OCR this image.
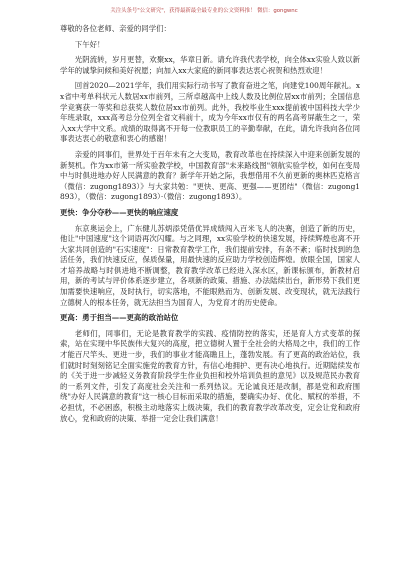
关注头条号"公文研究"，获得最新最全最专业的公文资料推！ 微信：gongwnc

尊敬的各位老师、亲爱的同学们：

下午好！

光阴流转，岁月更替，欢聚xx，华章日新。请允许我代表学校，向全体xx实验人致以新学年的诚挚问候和美好祝愿；向加入xx大家庭的新同事表达衷心祝贺和热烈欢迎！

回首2020—2021学年，我们用实际行动书写了教育奋进之笔，向建党100周年献礼。xx省中考单科状元人数居xx市前列，三所卓越高中上线人数及比例位居xx市前列；全国信息学竞赛获一等奖和总获奖人数位居xx市前列。此外，我校毕业生xxx提前被中国科技大学少年班录取，xxx高考总分位列全省文科前十，成为今年xx市仅有的两名高考屏蔽生之一，荣入xx大学中文系。成绩的取得离不开每一位教职员工的辛勤奉献，在此，请允许我向各位同事表达衷心的敬意和衷心的感谢！

亲爱的同事们，世界处于百年未有之大变局，教育改革也在持续深入中迎来创新发展的新契机。作为xx市第一所实验教学校，中国教育部"未来路线图"领航实验学校，如何在变局中与时俱进地办好人民满意的教育？新学年开始之际，我想借用不久前更新的奥林匹克格言（微信：zugong1893）》与大家共勉："更快、更高、更强——更团结"（微信：zugong1893），（微信：zugong1893）·（微信：zugong1893）。

更快：争分夺秒——更快的响应速度

东京奥运会上，广东健儿苏炳添凭借优异成绩闯入百米飞人的决赛，创造了新的历史，他让"中国速度"这个词语再次闪耀。与之同理，xx实验学校的快速发展，持续辉煌也离不开大家共同创造的"石实速度"：日常教育教学工作，我们提前安排，有条不紊；临时找到的急活任务，我们快速反应，保质保量，用最快速的反应助力学校创造辉煌。放眼全国，国家人才培养战略与时俱进地不断调整，教育教学改革已经进入深水区，新课标颁布，新教材启用，新的考试与评价体系逐步建立，各项新的政策、措施、办法陆续出台，新形势下我们更加需要快速响应，及时执行，切实落地，不能眼熟而为、创新发展、改变现状，就无法践行立德树人的根本任务，就无法担当为国育人，为党育才的历史使命。

更高：勇于担当——更高的政治站位

老师们，同事们，无论是教育教学的实践、疫情防控的落实，还是育人方式变革的探索，站在实现中华民族伟大复兴的高度，把立德树人置于全社会的大格局之中，我们的工作才能百尺竿头、更进一步，我们的事业才能高瞻且上，蓬勃发展。有了更高的政治站位，我们就时时刻刻铭记全面实施党的教育方针，有信心地拥护、更有决心地执行。近期陆续发布的《关于进一步减轻义务教育阶段学生作业负担和校外培训负担的意见》以及规范民办教育的一系列文件，引发了高度社会关注和一系列热议。无论诚良还是改制，都是党和政府围绕"办好人民满意的教育"这一核心目标而采取的措施，要确实办好、优化、赋权的举措，不必担忧，不必困惑，积极主动地落实上级决策，我们的教育教学改革改变，定会让党和政府放心，党和政府的决策、举措一定会让我们满意！
